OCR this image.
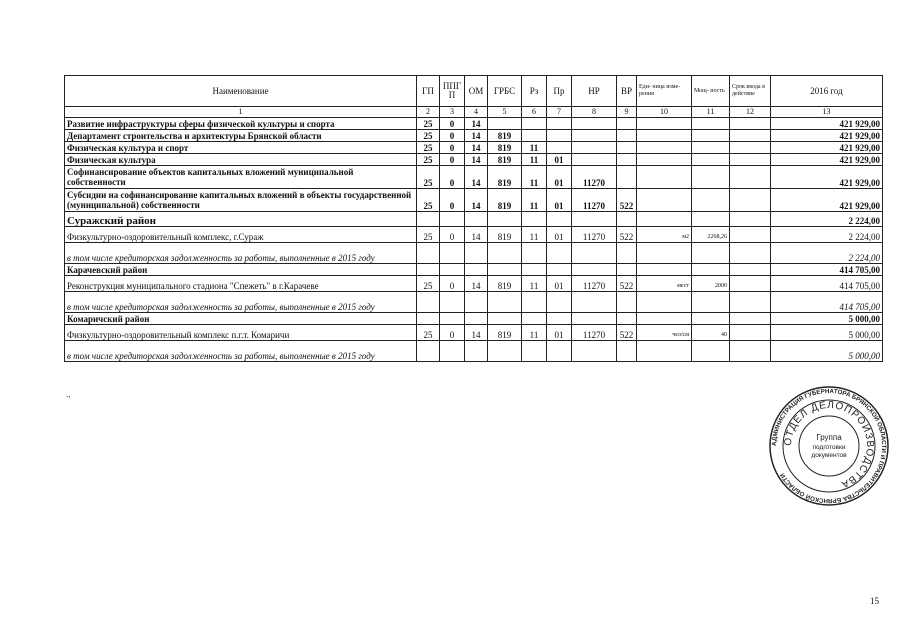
Наименование	ГП	ППГП	ОМ	ГРБС	Рз	Пр	НР	ВР	Еди- ница изме- рения	Мощ- ность	Срок ввода в действие	2016 год
1	2	3	4	5	6	7	8	9	10	11	12	13
Развитие инфраструктуры сферы физической культуры и спорта	25	0	14									421 929,00
Департамент строительства и архитектуры Брянской области	25	0	14	819								421 929,00
Физическая культура и спорт	25	0	14	819	11							421 929,00
Физическая культура	25	0	14	819	11	01						421 929,00
Софинансирование объектов капитальных вложений муниципальной собственности	25	0	14	819	11	01	11270					421 929,00
Субсидии на софинансирование капитальных вложений в объекты государственной (муниципальной) собственности	25	0	14	819	11	01	11270	522				421 929,00
Суражский район												2 224,00
Физкультурно-оздоровительный комплекс, г.Сураж	25	0	14	819	11	01	11270	522	м2	2268,26		2 224,00
в том числе кредиторская задолженность за работы, выполненные в 2015 году												2 224,00
Карачевский район												414 705,00
Реконструкция муниципального стадиона "Спежеть" в г.Карачеве	25	0	14	819	11	01	11270	522	мест	2000		414 705,00
в том числе кредиторская задолженность за работы, выполненные в 2015 году												414 705,00
Комаричский район												5 000,00
Физкультурно-оздоровительный комплекс п.г.т. Комаричи	25	0	14	819	11	01	11270	522	чел/см	40		5 000,00
в том числе кредиторская задолженность за работы, выполненные в 2015 году												5 000,00
.,
АДМИНИСТРАЦИЯ ГУБЕРНАТОРА БРЯНСКОЙ ОБЛАСТИ И ПРАВИТЕЛЬСТВА БРЯНСКОЙ ОБЛАСТИ
ОТДЕЛ ДЕЛОПРОИЗВОДСТВА
Группа
подготовки
документов
15
